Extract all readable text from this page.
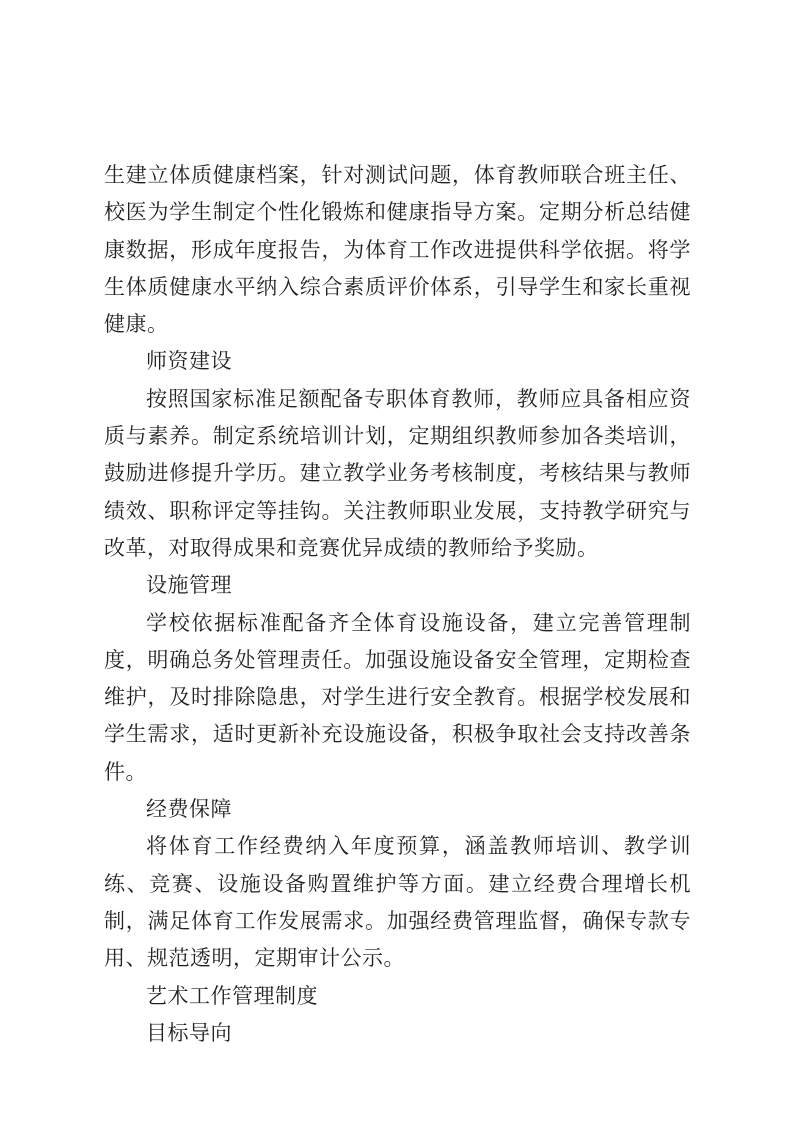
生建立体质健康档案，针对测试问题，体育教师联合班主任、校医为学生制定个性化锻炼和健康指导方案。定期分析总结健康数据，形成年度报告，为体育工作改进提供科学依据。将学生体质健康水平纳入综合素质评价体系，引导学生和家长重视健康。

师资建设

按照国家标准足额配备专职体育教师，教师应具备相应资质与素养。制定系统培训计划，定期组织教师参加各类培训，鼓励进修提升学历。建立教学业务考核制度，考核结果与教师绩效、职称评定等挂钩。关注教师职业发展，支持教学研究与改革，对取得成果和竞赛优异成绩的教师给予奖励。

设施管理

学校依据标准配备齐全体育设施设备，建立完善管理制度，明确总务处管理责任。加强设施设备安全管理，定期检查维护，及时排除隐患，对学生进行安全教育。根据学校发展和学生需求，适时更新补充设施设备，积极争取社会支持改善条件。

经费保障

将体育工作经费纳入年度预算，涵盖教师培训、教学训练、竞赛、设施设备购置维护等方面。建立经费合理增长机制，满足体育工作发展需求。加强经费管理监督，确保专款专用、规范透明，定期审计公示。

艺术工作管理制度

目标导向
